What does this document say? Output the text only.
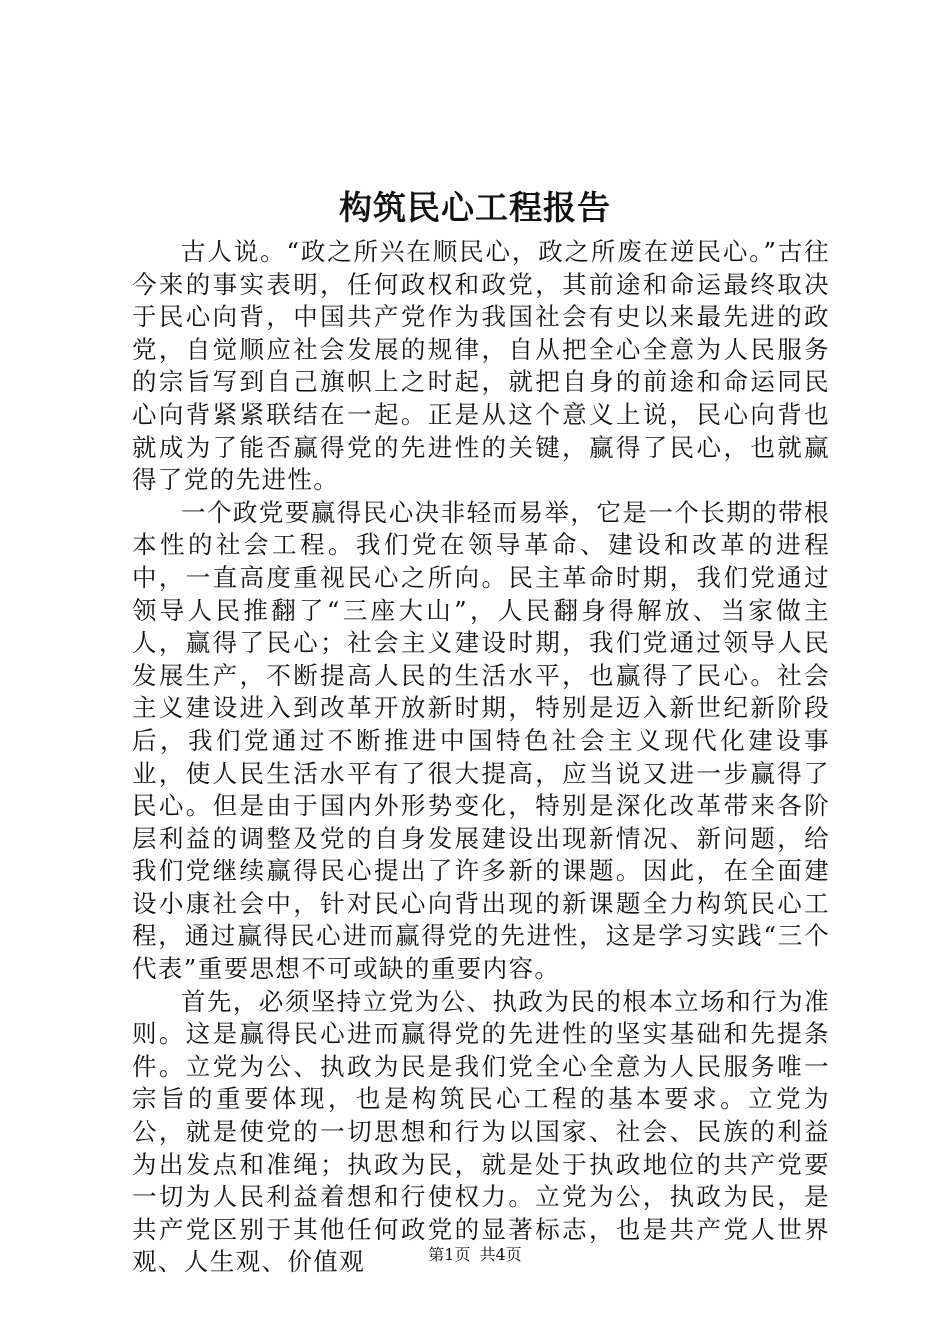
构筑民心工程报告

古人说。“政之所兴在顺民心，政之所废在逆民心。”古往今来的事实表明，任何政权和政党，其前途和命运最终取决于民心向背，中国共产党作为我国社会有史以来最先进的政党，自觉顺应社会发展的规律，自从把全心全意为人民服务的宗旨写到自己旗帜上之时起，就把自身的前途和命运同民心向背紧紧联结在一起。正是从这个意义上说，民心向背也就成为了能否赢得党的先进性的关键，赢得了民心，也就赢得了党的先进性。

一个政党要赢得民心决非轻而易举，它是一个长期的带根本性的社会工程。我们党在领导革命、建设和改革的进程中，一直高度重视民心之所向。民主革命时期，我们党通过领导人民推翻了“三座大山”，人民翻身得解放、当家做主人，赢得了民心；社会主义建设时期，我们党通过领导人民发展生产，不断提高人民的生活水平，也赢得了民心。社会主义建设进入到改革开放新时期，特别是迈入新世纪新阶段后，我们党通过不断推进中国特色社会主义现代化建设事业，使人民生活水平有了很大提高，应当说又进一步赢得了民心。但是由于国内外形势变化，特别是深化改革带来各阶层利益的调整及党的自身发展建设出现新情况、新问题，给我们党继续赢得民心提出了许多新的课题。因此，在全面建设小康社会中，针对民心向背出现的新课题全力构筑民心工程，通过赢得民心进而赢得党的先进性，这是学习实践“三个代表”重要思想不可或缺的重要内容。

首先，必须坚持立党为公、执政为民的根本立场和行为准则。这是赢得民心进而赢得党的先进性的坚实基础和先提条件。立党为公、执政为民是我们党全心全意为人民服务唯一宗旨的重要体现，也是构筑民心工程的基本要求。立党为公，就是使党的一切思想和行为以国家、社会、民族的利益为出发点和准绳；执政为民，就是处于执政地位的共产党要一切为人民利益着想和行使权力。立党为公，执政为民，是共产党区别于其他任何政党的显著标志，也是共产党人世界观、人生观、价值观	第1页 共4页
